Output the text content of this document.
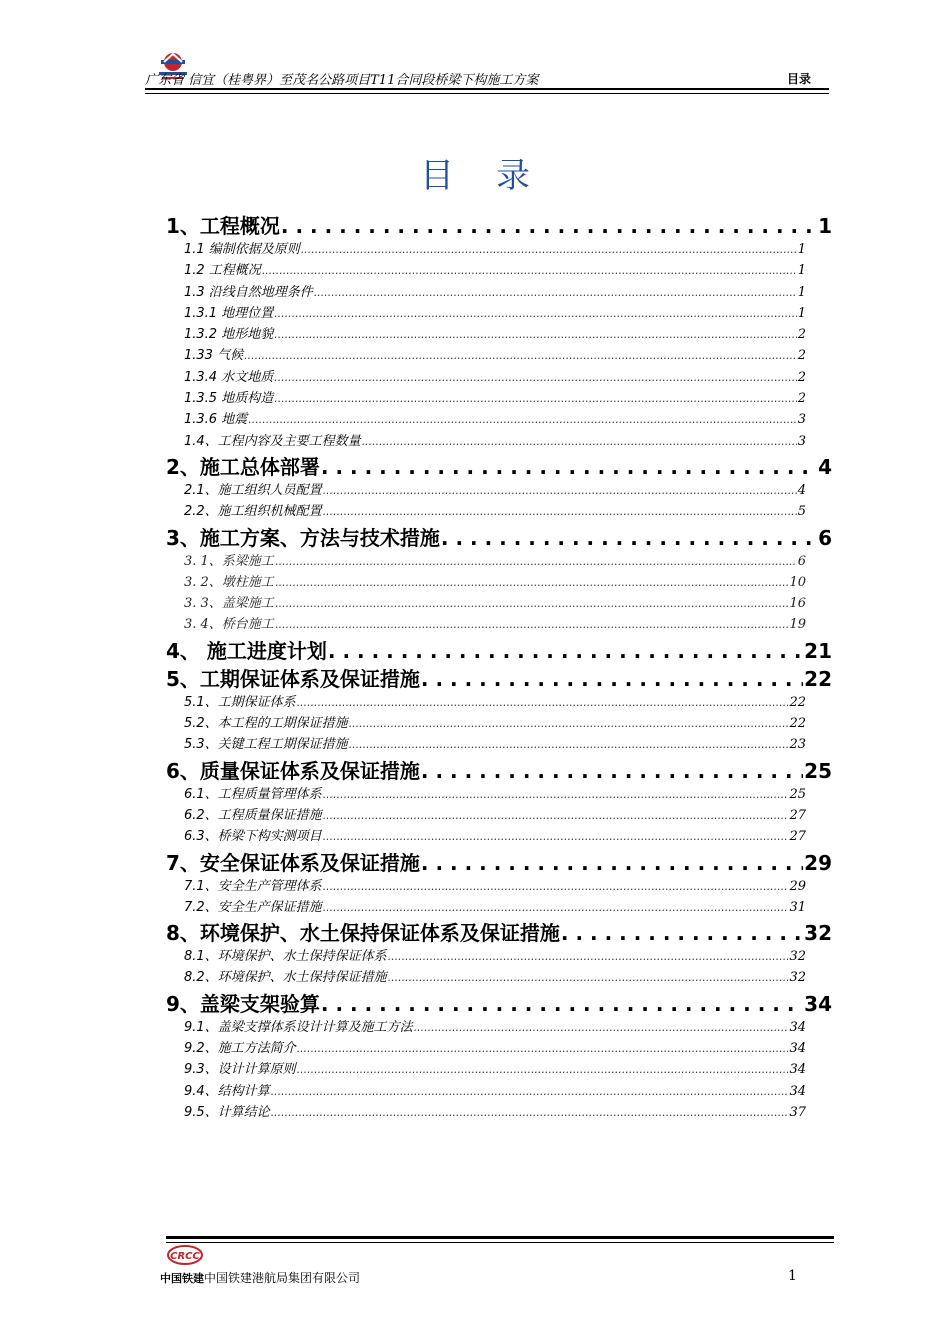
广东省 信宜（桂粤界）至茂名公路项目T11合同段桥梁下构施工方案	目录
目录
1、工程概况 . . .	1
1.1 编制依据及原则 .....	1
1.2 工程概况 .....	1
1.3 沿线自然地理条件 .....	1
1.3.1 地理位置 .....	1
1.3.2 地形地貌 .....	2
1.33 气候 .....	2
1.3.4 水文地质 .....	2
1.3.5 地质构造 .....	2
1.3.6 地震 .....	3
1.4、工程内容及主要工程数量 .....	3
2、施工总体部署 . . .	4
2.1、施工组织人员配置 .....	4
2.2、施工组织机械配置 .....	5
3、施工方案、方法与技术措施 . . .	6
3. 1、系梁施工 .....	6
3. 2、墩柱施工 .....	10
3. 3、盖梁施工 .....	16
3. 4、桥台施工 .....	19
4、 施工进度计划 . . .	21
5、工期保证体系及保证措施 . . .	22
5.1、工期保证体系 .....	22
5.2、本工程的工期保证措施 .....	22
5.3、关键工程工期保证措施 .....	23
6、质量保证体系及保证措施 . . .	25
6.1、工程质量管理体系 .....	25
6.2、工程质量保证措施 .....	27
6.3、桥梁下构实测项目 .....	27
7、安全保证体系及保证措施 . . .	29
7.1、安全生产管理体系 .....	29
7.2、安全生产保证措施 .....	31
8、环境保护、水土保持保证体系及保证措施 . . .	32
8.1、环境保护、水土保持保证体系 .....	32
8.2、环境保护、水土保持保证措施 .....	32
9、盖梁支架验算 . . .	34
9.1、盖梁支撑体系设计计算及施工方法 .....	34
9.2、施工方法简介 .....	34
9.3、设计计算原则 .....	34
9.4、结构计算 .....	34
9.5、计算结论 .....	37
CRCC
中国铁建中国铁建港航局集团有限公司	1
